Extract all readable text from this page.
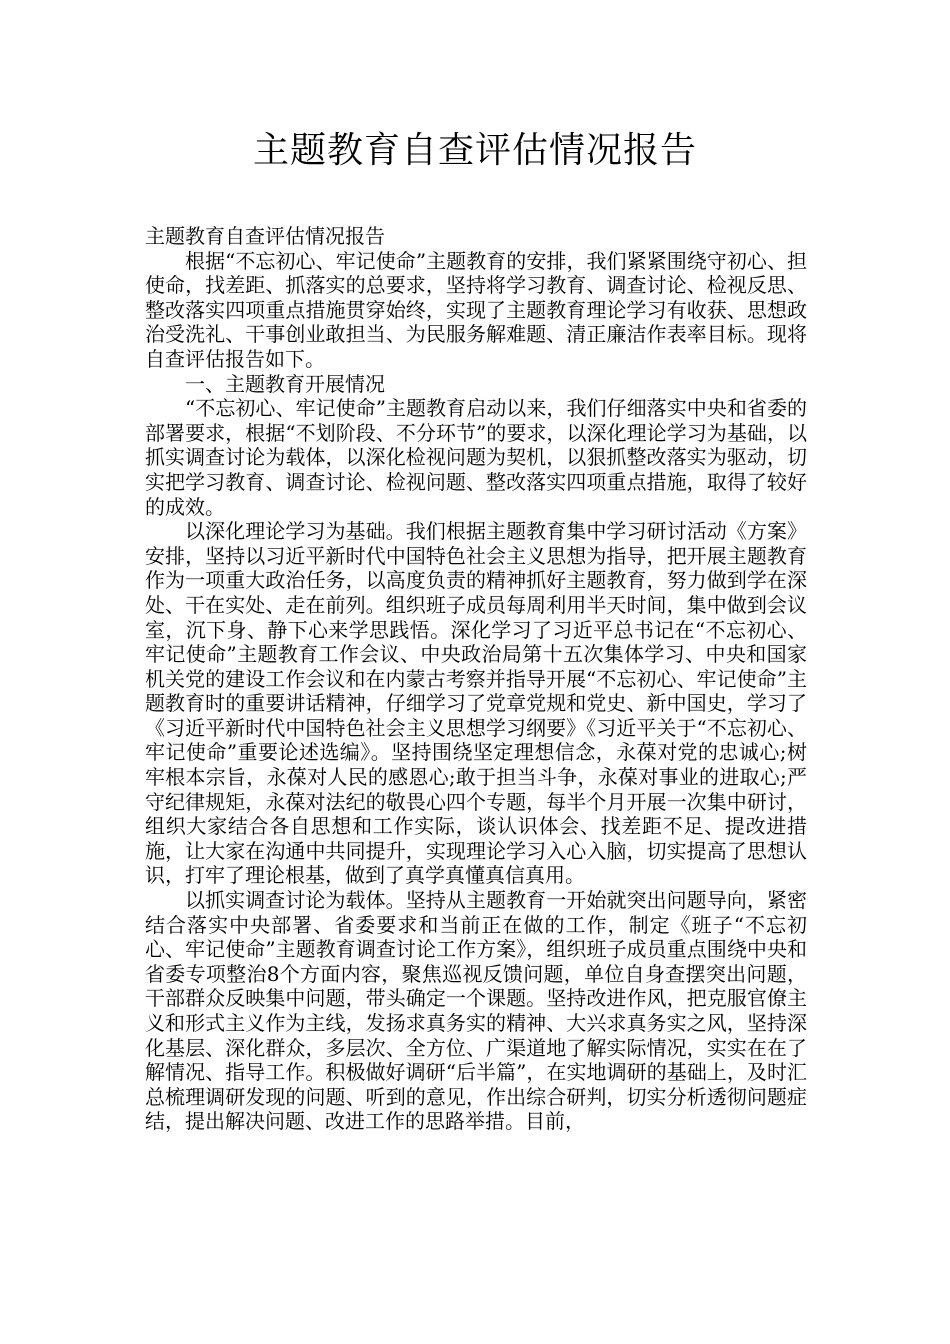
主题教育自查评估情况报告

主题教育自查评估情况报告

根据“不忘初心、牢记使命”主题教育的安排，我们紧紧围绕守初心、担使命，找差距、抓落实的总要求，坚持将学习教育、调查讨论、检视反思、整改落实四项重点措施贯穿始终，实现了主题教育理论学习有收获、思想政治受洗礼、干事创业敢担当、为民服务解难题、清正廉洁作表率目标。现将自查评估报告如下。

一、主题教育开展情况

“不忘初心、牢记使命”主题教育启动以来，我们仔细落实中央和省委的部署要求，根据“不划阶段、不分环节”的要求，以深化理论学习为基础，以抓实调查讨论为载体，以深化检视问题为契机，以狠抓整改落实为驱动，切实把学习教育、调查讨论、检视问题、整改落实四项重点措施，取得了较好的成效。

以深化理论学习为基础。我们根据主题教育集中学习研讨活动《方案》安排，坚持以习近平新时代中国特色社会主义思想为指导，把开展主题教育作为一项重大政治任务，以高度负责的精神抓好主题教育，努力做到学在深处、干在实处、走在前列。组织班子成员每周利用半天时间，集中做到会议室，沉下身、静下心来学思践悟。深化学习了习近平总书记在“不忘初心、牢记使命”主题教育工作会议、中央政治局第十五次集体学习、中央和国家机关党的建设工作会议和在内蒙古考察并指导开展“不忘初心、牢记使命”主题教育时的重要讲话精神，仔细学习了党章党规和党史、新中国史，学习了《习近平新时代中国特色社会主义思想学习纲要》《习近平关于“不忘初心、牢记使命”重要论述选编》。坚持围绕坚定理想信念，永葆对党的忠诚心;树牢根本宗旨，永葆对人民的感恩心;敢于担当斗争，永葆对事业的进取心;严守纪律规矩，永葆对法纪的敬畏心四个专题，每半个月开展一次集中研讨，组织大家结合各自思想和工作实际，谈认识体会、找差距不足、提改进措施，让大家在沟通中共同提升，实现理论学习入心入脑，切实提高了思想认识，打牢了理论根基，做到了真学真懂真信真用。

以抓实调查讨论为载体。坚持从主题教育一开始就突出问题导向，紧密结合落实中央部署、省委要求和当前正在做的工作，制定《班子“不忘初心、牢记使命”主题教育调查讨论工作方案》，组织班子成员重点围绕中央和省委专项整治8个方面内容，聚焦巡视反馈问题，单位自身查摆突出问题，干部群众反映集中问题，带头确定一个课题。坚持改进作风，把克服官僚主义和形式主义作为主线，发扬求真务实的精神、大兴求真务实之风，坚持深化基层、深化群众，多层次、全方位、广渠道地了解实际情况，实实在在了解情况、指导工作。积极做好调研“后半篇”，在实地调研的基础上，及时汇总梳理调研发现的问题、听到的意见，作出综合研判，切实分析透彻问题症结，提出解决问题、改进工作的思路举措。目前，
